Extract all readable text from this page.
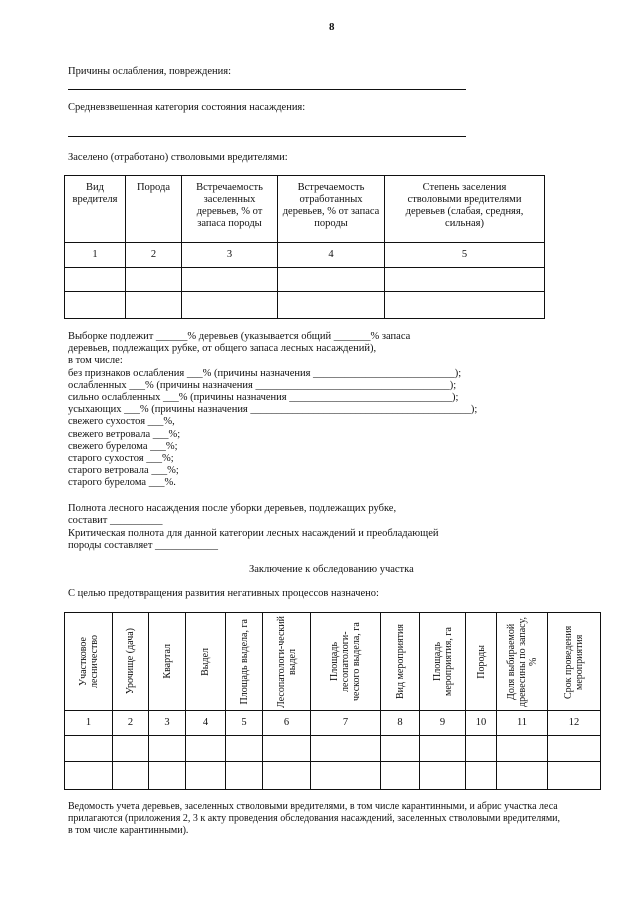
8
Причины ослабления, повреждения:
Средневзвешенная категория состояния насаждения:
Заселено (отработано) стволовыми вредителями:
Вид вредителя	Порода	Встречаемость заселенных деревьев, % от запаса породы	Встречаемость отработанных деревьев, % от запаса породы	Степень заселения стволовыми вредителями деревьев (слабая, средняя, сильная)
1	2	3	4	5

Выборке подлежит ______% деревьев (указывается общий _______% запаса
деревьев, подлежащих рубке, от общего запаса лесных насаждений),
в том числе:
без признаков ослабления ___% (причины назначения ___________________________);
ослабленных ___% (причины назначения _____________________________________);
сильно ослабленных ___% (причины назначения _______________________________);
усыхающих ___% (причины назначения __________________________________________);
свежего сухостоя ___%,
свежего ветровала ___%;
свежего бурелома ___%;
старого сухостоя ___%;
старого ветровала ___%;
старого бурелома ___%.
Полнота лесного насаждения после уборки деревьев, подлежащих рубке,
составит __________
Критическая полнота для данной категории лесных насаждений и преобладающей
породы составляет ____________
Заключение к обследованию участка
С целью предотвращения развития негативных процессов назначено:
Участковое лесничество	Урочище (дача)	Квартал	Выдел	Площадь выдела, га	Лесопатологи-ческий выдел	Площадь лесопатологи-ческого выдела, га	Вид мероприятия	Площадь мероприятия, га	Породы	Доля выбираемой древесины по запасу, %	Срок проведения мероприятия

1	2	3	4	5	6	7	8	9	10	11	12

Ведомость учета деревьев, заселенных стволовыми вредителями, в том числе карантинными, и абрис участка леса
прилагаются (приложения 2, 3 к акту проведения обследования насаждений, заселенных стволовыми вредителями,
в том числе карантинными).
